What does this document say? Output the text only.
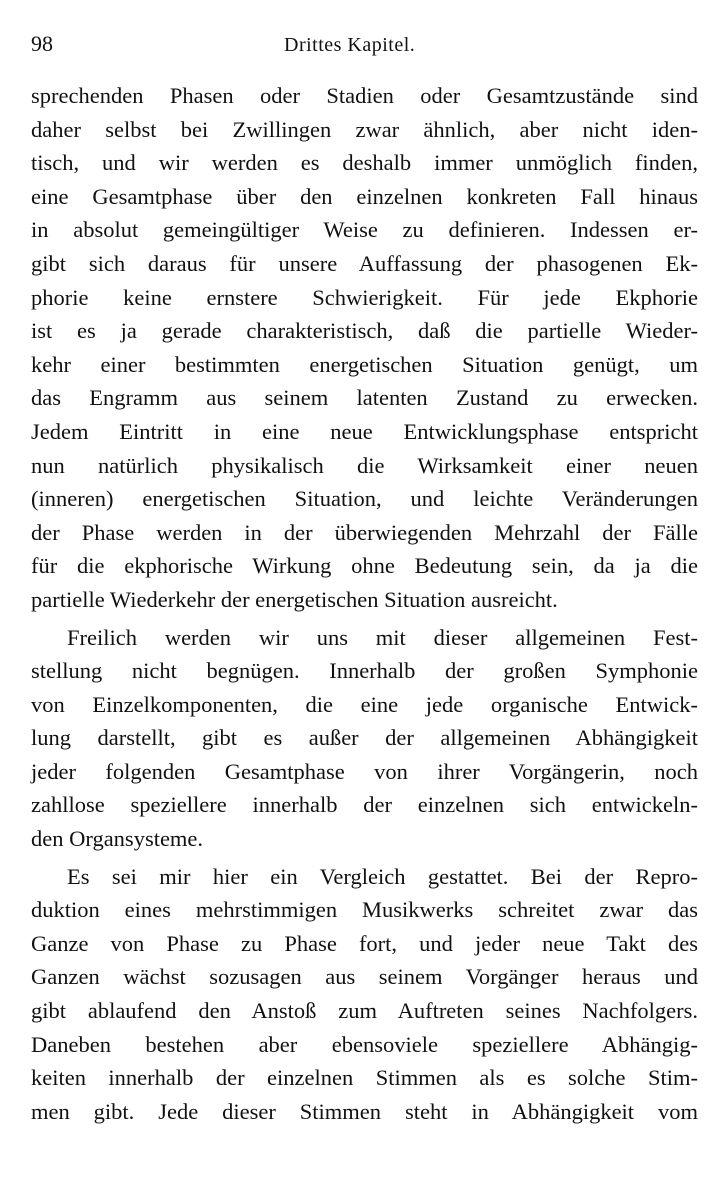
98	Drittes Kapitel.
sprechenden Phasen oder Stadien oder Gesamtzustände sind
daher selbst bei Zwillingen zwar ähnlich, aber nicht iden-
tisch, und wir werden es deshalb immer unmöglich finden,
eine Gesamtphase über den einzelnen konkreten Fall hinaus
in absolut gemeingültiger Weise zu definieren. Indessen er-
gibt sich daraus für unsere Auffassung der phasogenen Ek-
phorie keine ernstere Schwierigkeit. Für jede Ekphorie
ist es ja gerade charakteristisch, daß die partielle Wieder-
kehr einer bestimmten energetischen Situation genügt, um
das Engramm aus seinem latenten Zustand zu erwecken.
Jedem Eintritt in eine neue Entwicklungsphase entspricht
nun natürlich physikalisch die Wirksamkeit einer neuen
(inneren) energetischen Situation, und leichte Veränderungen
der Phase werden in der überwiegenden Mehrzahl der Fälle
für die ekphorische Wirkung ohne Bedeutung sein, da ja die
partielle Wiederkehr der energetischen Situation ausreicht.
Freilich werden wir uns mit dieser allgemeinen Fest-
stellung nicht begnügen. Innerhalb der großen Symphonie
von Einzelkomponenten, die eine jede organische Entwick-
lung darstellt, gibt es außer der allgemeinen Abhängigkeit
jeder folgenden Gesamtphase von ihrer Vorgängerin, noch
zahllose speziellere innerhalb der einzelnen sich entwickeln-
den Organsysteme.
Es sei mir hier ein Vergleich gestattet. Bei der Repro-
duktion eines mehrstimmigen Musikwerks schreitet zwar das
Ganze von Phase zu Phase fort, und jeder neue Takt des
Ganzen wächst sozusagen aus seinem Vorgänger heraus und
gibt ablaufend den Anstoß zum Auftreten seines Nachfolgers.
Daneben bestehen aber ebensoviele speziellere Abhängig-
keiten innerhalb der einzelnen Stimmen als es solche Stim-
men gibt. Jede dieser Stimmen steht in Abhängigkeit vom
